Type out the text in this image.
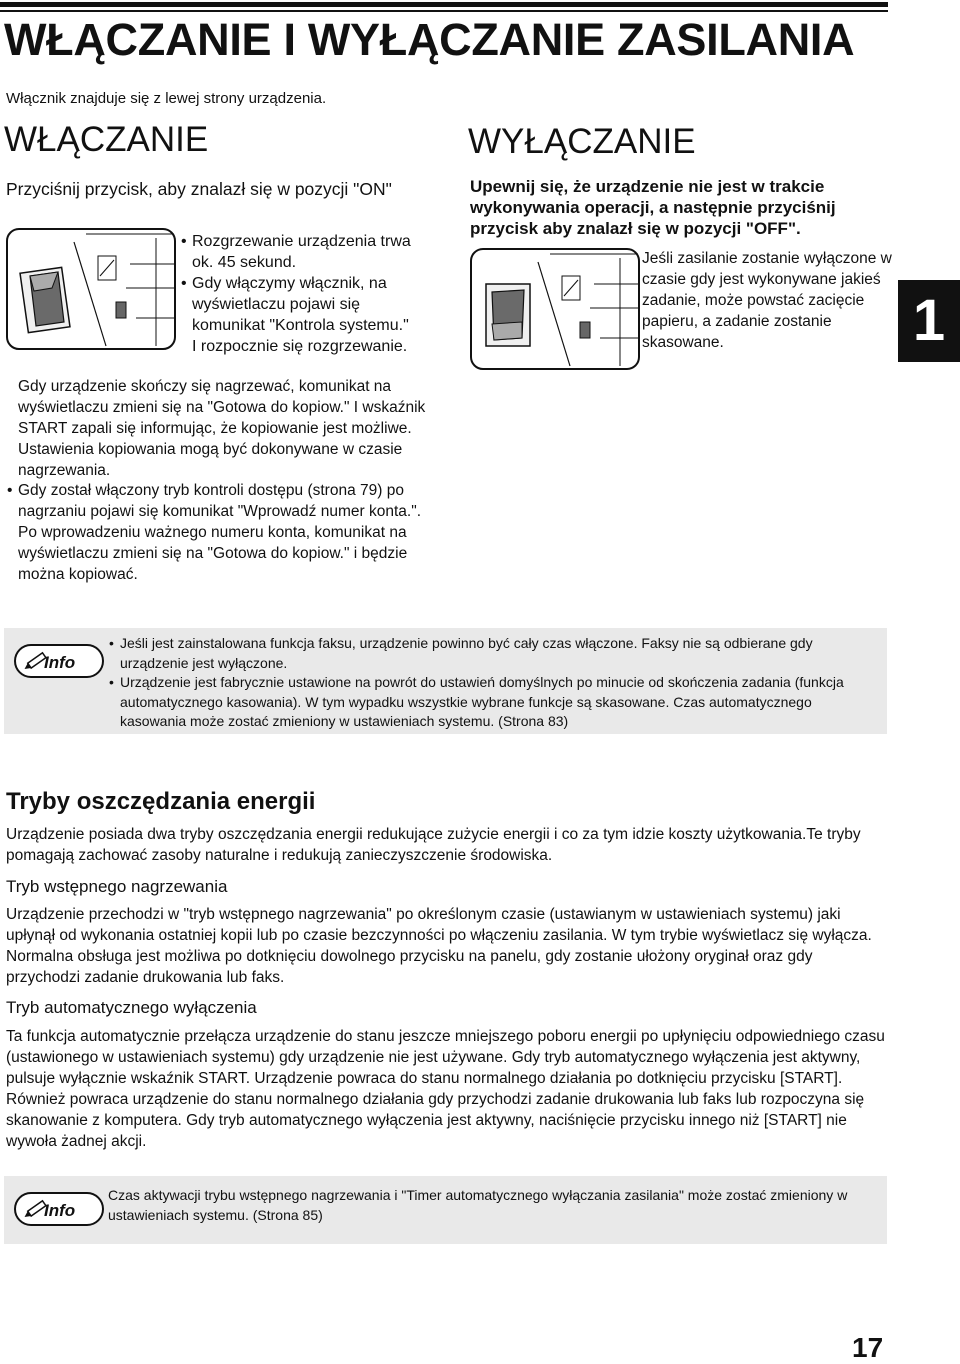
WŁĄCZANIE I WYŁĄCZANIE ZASILANIA
Włącznik znajduje się z lewej strony urządzenia.
WŁĄCZANIE
Przyciśnij przycisk, aby znalazł się w pozycji "ON"
• Rozgrzewanie urządzenia trwa ok. 45 sekund.
• Gdy włączymy włącznik, na wyświetlaczu pojawi się komunikat "Kontrola systemu." I rozpocznie się rozgrzewanie.
Gdy urządzenie skończy się nagrzewać, komunikat na wyświetlaczu zmieni się na "Gotowa do kopiow." I wskaźnik START zapali się informując, że kopiowanie jest możliwe. Ustawienia kopiowania mogą być dokonywane w czasie nagrzewania.
• Gdy został włączony tryb kontroli dostępu (strona 79) po nagrzaniu pojawi się komunikat "Wprowadź numer konta.". Po wprowadzeniu ważnego numeru konta, komunikat na wyświetlaczu zmieni się na "Gotowa do kopiow." i będzie można kopiować.
WYŁĄCZANIE
Upewnij się, że urządzenie nie jest w trakcie wykonywania operacji, a następnie przyciśnij przycisk aby znalazł się w pozycji "OFF".
Jeśli zasilanie zostanie wyłączone w czasie gdy jest wykonywane jakieś zadanie, może powstać zacięcie papieru, a zadanie zostanie skasowane.	1
Info
• Jeśli jest zainstalowana funkcja faksu, urządzenie powinno być cały czas włączone. Faksy nie są odbierane gdy urządzenie jest wyłączone.
• Urządzenie jest fabrycznie ustawione na powrót do ustawień domyślnych po minucie od skończenia zadania (funkcja automatycznego kasowania). W tym wypadku wszystkie wybrane funkcje są skasowane. Czas automatycznego kasowania może zostać zmieniony w ustawieniach systemu. (Strona 83)
Tryby oszczędzania energii
Urządzenie posiada dwa tryby oszczędzania energii redukujące zużycie energii i co za tym idzie koszty użytkowania.Te tryby pomagają zachować zasoby naturalne i redukują zanieczyszczenie środowiska.
Tryb wstępnego nagrzewania
Urządzenie przechodzi w "tryb wstępnego nagrzewania" po określonym czasie (ustawianym w ustawieniach systemu) jaki upłynął od wykonania ostatniej kopii lub po czasie bezczynności po włączeniu zasilania. W tym trybie wyświetlacz się wyłącza. Normalna obsługa jest możliwa po dotknięciu dowolnego przycisku na panelu, gdy zostanie ułożony oryginał oraz gdy przychodzi zadanie drukowania lub faks.
Tryb automatycznego wyłączenia
Ta funkcja automatycznie przełącza urządzenie do stanu jeszcze mniejszego poboru energii po upłynięciu odpowiedniego czasu (ustawionego w ustawieniach systemu) gdy urządzenie nie jest używane. Gdy tryb automatycznego wyłączenia jest aktywny, pulsuje wyłącznie wskaźnik START. Urządzenie powraca do stanu normalnego działania po dotknięciu przycisku [START]. Również powraca urządzenie do stanu normalnego działania gdy przychodzi zadanie drukowania lub faks lub rozpoczyna się skanowanie z komputera. Gdy tryb automatycznego wyłączenia jest aktywny, naciśnięcie przycisku innego niż [START] nie wywoła żadnej akcji.
Info
Czas aktywacji trybu wstępnego nagrzewania i "Timer automatycznego wyłączania zasilania" może zostać zmieniony w ustawieniach systemu. (Strona 85)
17
